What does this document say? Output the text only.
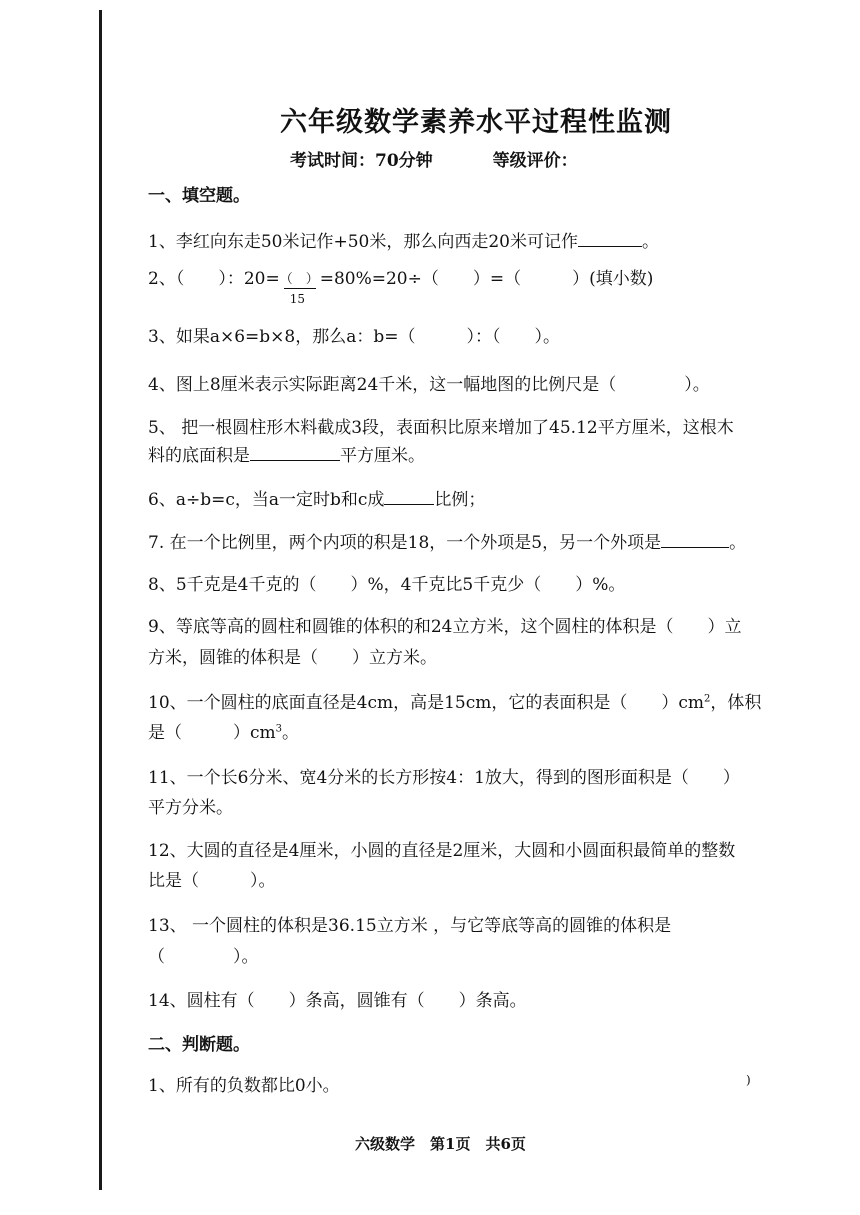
六年级数学素养水平过程性监测
考试时间：70分钟	等级评价：
一、填空题。
1、李红向东走50米记作+50米，那么向西走20米可记作	。
2、（　　）：$20= \frac{( )}{15} =80\%=20\div$（　　）=（　　　）(填小数)
3、如果a×6=b×8，那么a：b=（　　　）：（　　）。
4、图上8厘米表示实际距离24千米，这一幅地图的比例尺是（　　　　）。
5、 把一根圆柱形木料截成3段，表面积比原来增加了45.12平方厘米，这根木
料的底面积是	平方厘米。
6、a÷b=c，当a一定时b和c成	比例；
7. 在一个比例里，两个内项的积是18，一个外项是5，另一个外项是	。
8、5千克是4千克的（　　）%，4千克比5千克少（　　）%。
9、等底等高的圆柱和圆锥的体积的和24立方米，这个圆柱的体积是（　　）立
方米，圆锥的体积是（　　）立方米。
10、一个圆柱的底面直径是4cm，高是15cm，它的表面积是（　　）$cm^2$，体积
是（　　　）$cm^3$。
11、一个长6分米、宽4分米的长方形按4：1放大，得到的图形面积是（　　）
平方分米。
12、大圆的直径是4厘米，小圆的直径是2厘米，大圆和小圆面积最简单的整数
比是（　　　）。
13、 一个圆柱的体积是36.15立方米 ，与它等底等高的圆锥的体积是
（　　　　）。
14、圆柱有（　　）条高，圆锥有（　　）条高。
二、判断题。
1、所有的负数都比0小。	)
六级数学　第1页　共6页
